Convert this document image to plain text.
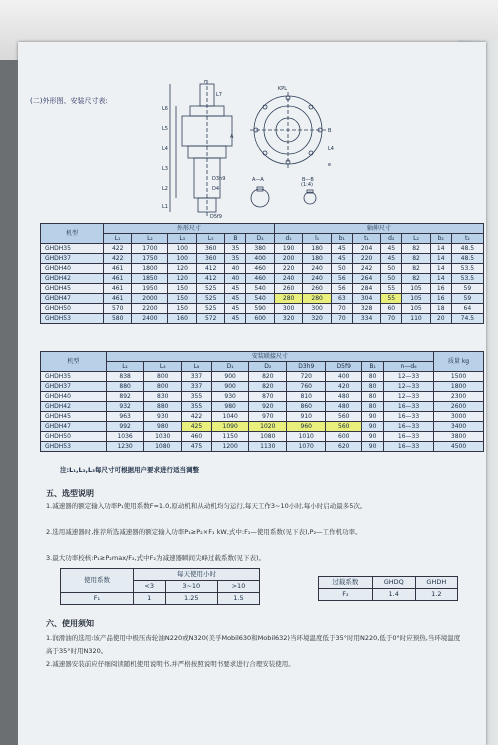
(二)外形图、安装尺寸表:
F
L7
L6
L5
L4
L3
L2
L1
D3h9
D4
D5f9
A
KPL
B
L4
e
A—A	B—B
(1:4)
机型	外形尺寸						轴伸尺寸							
	L₁	L₂	L₃	L₅	B	D₄	d₁	l₁	b₁	t₁	d₂	L₂	b₂	t₂
GHDH35	422	1700	100	360	35	380	190	180	45	204	45	82	14	48.5
GHDH37	422	1750	100	360	35	400	200	180	45	220	45	82	14	48.5
GHDH40	461	1800	120	412	40	460	220	240	50	242	50	82	14	53.5
GHDH42	461	1850	120	412	40	460	240	240	56	264	50	82	14	53.5
GHDH45	461	1950	150	525	45	540	260	260	56	284	55	105	16	59
GHDH47	461	2000	150	525	45	540	280	280	63	304	55	105	16	59
GHDH50	570	2200	150	525	45	590	300	300	70	328	60	105	18	64
GHDH53	580	2400	160	572	45	600	320	320	70	334	70	110	20	74.5
机型	安装联接尺寸									质量 kg
	L₁	L₄	L₈	D₁	D₂	D3h9	D5f9	B₁	n—d₆	
GHDH35	838	800	337	900	820	720	400	80	12—33	1500
GHDH37	880	800	337	900	820	760	420	80	12—33	1800
GHDH40	892	830	355	930	870	810	480	80	12—33	2300
GHDH42	932	880	355	980	920	860	480	80	16—33	2600
GHDH45	963	930	422	1040	970	910	560	90	16—33	3000
GHDH47	992	980	425	1090	1020	960	560	90	16—33	3400
GHDH50	1036	1030	460	1150	1080	1010	600	90	16—33	3800
GHDH53	1230	1080	475	1200	1130	1070	620	90	16—33	4500
注:L₁,L₂,L₃每尺寸可根据用户要求进行适当调整
五、选型说明
1.减速器的额定输入功率P₁使用系数F=1.0,原动机和从动机均匀运行,每天工作3~10小时,每小时启动最多5次。
2.选用减速器时,推荐所选减速器的额定输入功率P₁≥P₂×F₁ kW,式中:F₁—使用系数(见下表),P₂—工作机功率。
3.最大功率校核:P₁≥P₂max/F₂,式中F₂为减速器瞬间尖峰过载系数(见下表)。
使用系数	每天使用小时		
	<3	3~10	>10
F₁	1	1.25	1.5
过载系数	GHDQ	GHDH
F₂	1.4	1.2
六、使用须知
1.润滑油的选用:该产品使用中极压齿轮油N220或N320(美孚Mobil630和Mobil632)当环境温度低于35°时用N220,低于0°时应预热,当环境温度高于35°时用N320。
2.减速器安装前应仔细阅读随机使用说明书,并严格按照说明书要求进行合理安装使用。
